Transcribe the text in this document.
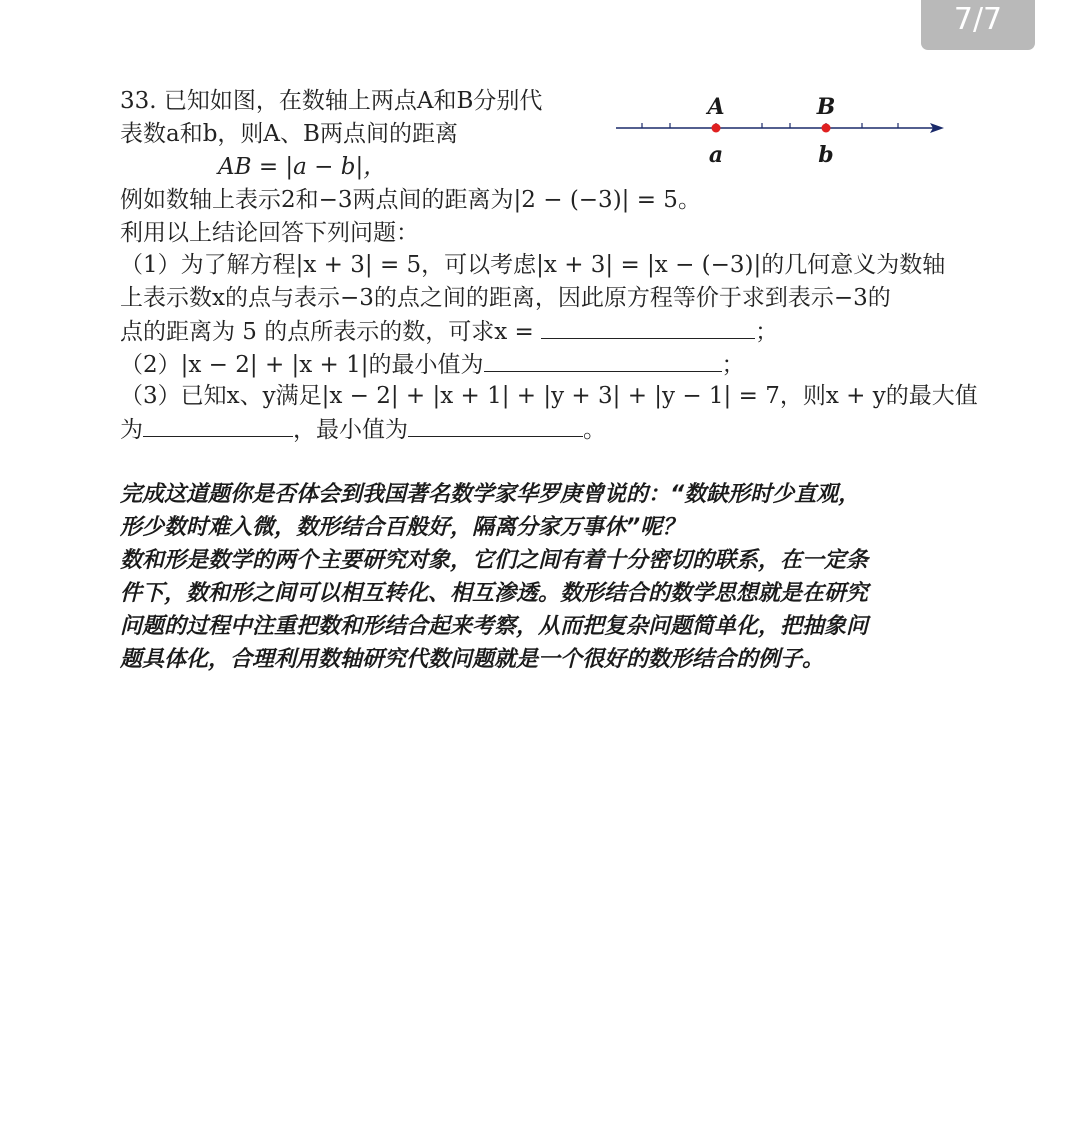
7/7
33. 已知如图，在数轴上两点A和B分别代
表数a和b，则A、B两点间的距离
AB = |a − b|，
例如数轴上表示2和−3两点间的距离为|2 − (−3)| = 5。
利用以上结论回答下列问题：
（1）为了解方程|x + 3| = 5，可以考虑|x + 3| = |x − (−3)|的几何意义为数轴
上表示数x的点与表示−3的点之间的距离，因此原方程等价于求到表示−3的
点的距离为 5 的点所表示的数，可求x =	；
（2）|x − 2| + |x + 1|的最小值为	；
（3）已知x、y满足|x − 2| + |x + 1| + |y + 3| + |y − 1| = 7，则x + y的最大值
为	，最小值为	。
完成这道题你是否体会到我国著名数学家华罗庚曾说的：“数缺形时少直观，
形少数时难入微，数形结合百般好，隔离分家万事休”呢？
数和形是数学的两个主要研究对象，它们之间有着十分密切的联系，在一定条
件下，数和形之间可以相互转化、相互渗透。数形结合的数学思想就是在研究
问题的过程中注重把数和形结合起来考察，从而把复杂问题简单化，把抽象问
题具体化，合理利用数轴研究代数问题就是一个很好的数形结合的例子。
A	B
a	b
